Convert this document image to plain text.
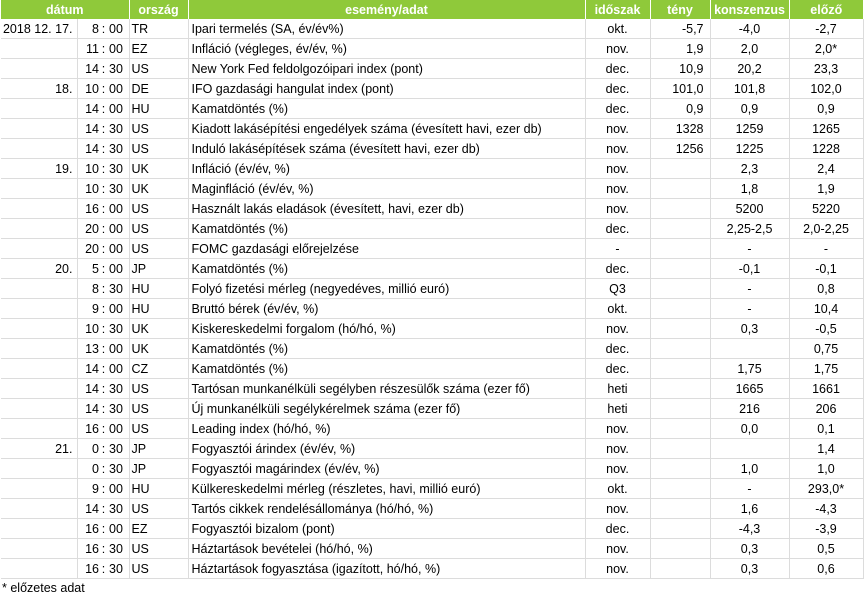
dátum				ország	esemény/adat	időszak	tény	konszenzus	előző
2018 12. 17.	8	:	00	TR	Ipari termelés (SA, év/év%)	okt.	-5,7	-4,0	-2,7
	11	:	00	EZ	Infláció (végleges, év/év, %)	nov.	1,9	2,0	2,0*
	14	:	30	US	New York Fed feldolgozóipari index (pont)	dec.	10,9	20,2	23,3
18.	10	:	00	DE	IFO gazdasági hangulat index (pont)	dec.	101,0	101,8	102,0
	14	:	00	HU	Kamatdöntés (%)	dec.	0,9	0,9	0,9
	14	:	30	US	Kiadott lakásépítési engedélyek száma (évesített havi, ezer db)	nov.	1328	1259	1265
	14	:	30	US	Induló lakásépítések száma (évesített havi, ezer db)	nov.	1256	1225	1228
19.	10	:	30	UK	Infláció (év/év, %)	nov.		2,3	2,4
	10	:	30	UK	Maginfláció (év/év, %)	nov.		1,8	1,9
	16	:	00	US	Használt lakás eladások (évesített, havi, ezer db)	nov.		5200	5220
	20	:	00	US	Kamatdöntés (%)	dec.		2,25-2,5	2,0-2,25
	20	:	00	US	FOMC gazdasági előrejelzése	-		-	-
20.	5	:	00	JP	Kamatdöntés (%)	dec.		-0,1	-0,1
	8	:	30	HU	Folyó fizetési mérleg (negyedéves, millió euró)	Q3		-	0,8
	9	:	00	HU	Bruttó bérek (év/év, %)	okt.		-	10,4
	10	:	30	UK	Kiskereskedelmi forgalom (hó/hó, %)	nov.		0,3	-0,5
	13	:	00	UK	Kamatdöntés (%)	dec.			0,75
	14	:	00	CZ	Kamatdöntés (%)	dec.		1,75	1,75
	14	:	30	US	Tartósan munkanélküli segélyben részesülők száma (ezer fő)	heti		1665	1661
	14	:	30	US	Új munkanélküli segélykérelmek száma (ezer fő)	heti		216	206
	16	:	00	US	Leading index (hó/hó, %)	nov.		0,0	0,1
21.	0	:	30	JP	Fogyasztói árindex (év/év, %)	nov.			1,4
	0	:	30	JP	Fogyasztói magárindex (év/év, %)	nov.		1,0	1,0
	9	:	00	HU	Külkereskedelmi mérleg (részletes, havi, millió euró)	okt.		-	293,0*
	14	:	30	US	Tartós cikkek rendelésállománya (hó/hó, %)	nov.		1,6	-4,3
	16	:	00	EZ	Fogyasztói bizalom (pont)	dec.		-4,3	-3,9
	16	:	30	US	Háztartások bevételei (hó/hó, %)	nov.		0,3	0,5
	16	:	30	US	Háztartások fogyasztása (igazított, hó/hó, %)	nov.		0,3	0,6
* előzetes adat
